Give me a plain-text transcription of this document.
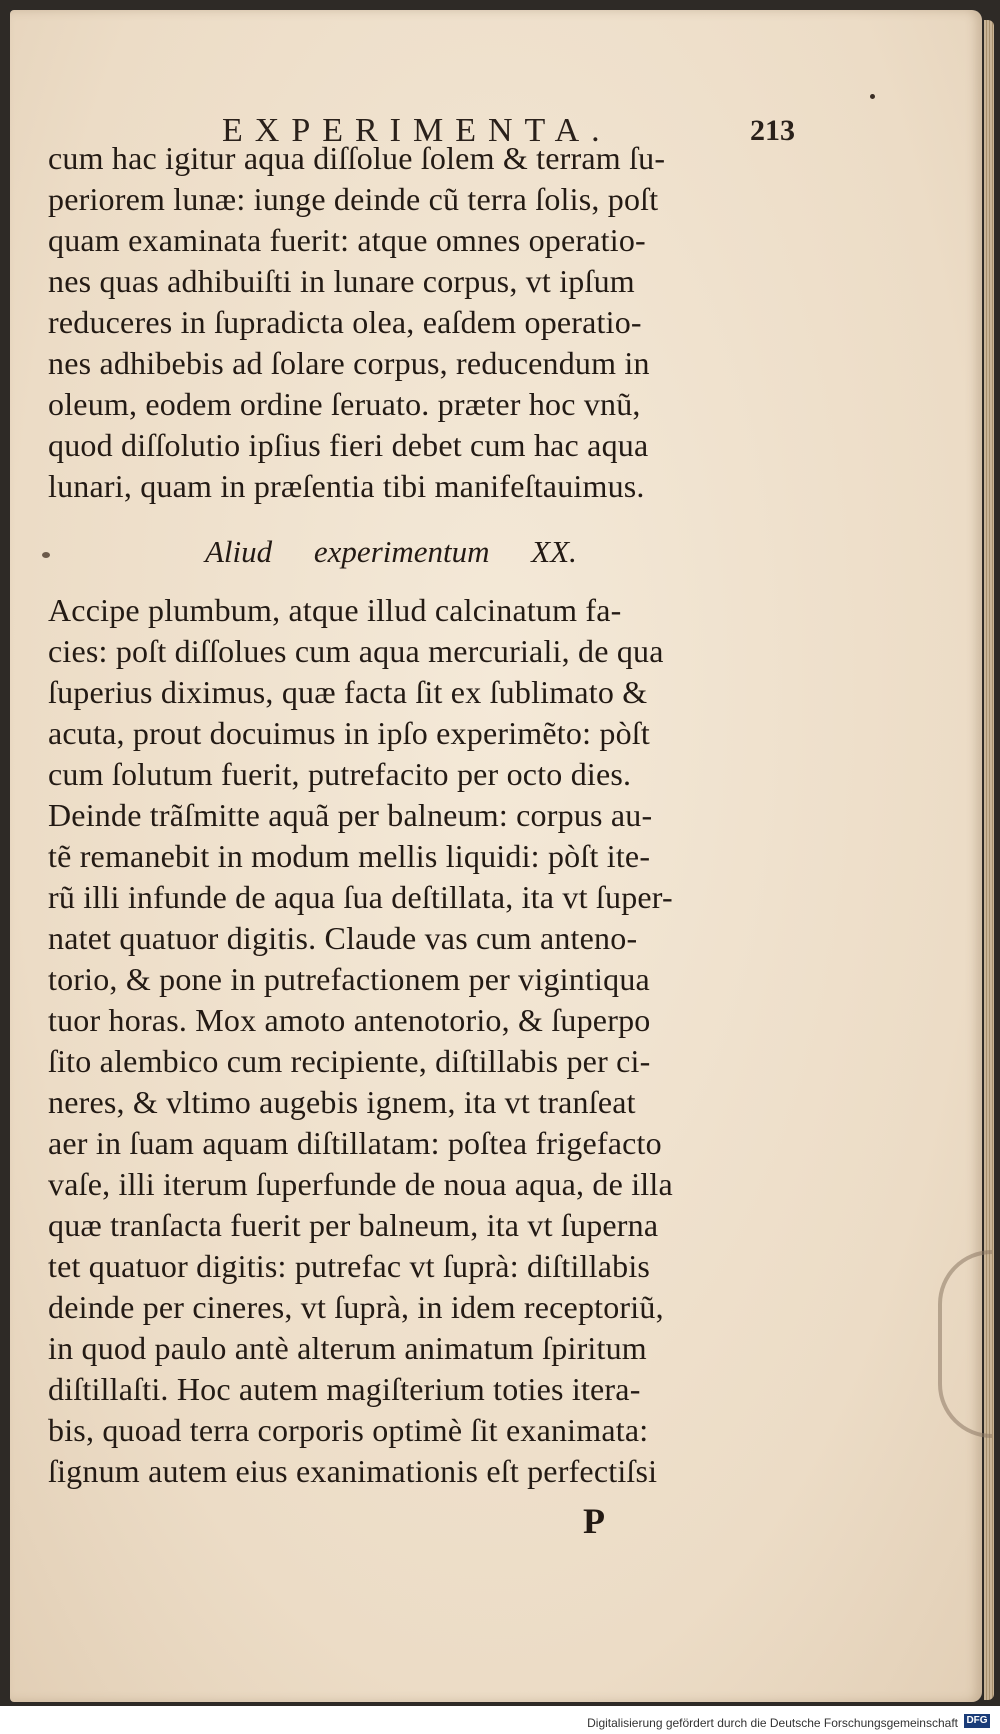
EXPERIMENTA.	213
cum hac igitur aqua diſſolue ſolem & terram ſu-
periorem lunæ: iunge deinde cũ terra ſolis, poſt
quam examinata fuerit: atque omnes operatio-
nes quas adhibuiſti in lunare corpus, vt ipſum
reduceres in ſupradicta olea, eaſdem operatio-
nes adhibebis ad ſolare corpus, reducendum in
oleum, eodem ordine ſeruato. præter hoc vnũ,
quod diſſolutio ipſius fieri debet cum hac aqua
lunari, quam in præſentia tibi manifeſtauimus.
Aliud experimentum XX.
Accipe plumbum, atque illud calcinatum fa-
cies: poſt diſſolues cum aqua mercuriali, de qua
ſuperius diximus, quæ facta ſit ex ſublimato &
acuta, prout docuimus in ipſo experimẽto: pòſt
cum ſolutum fuerit, putrefacito per octo dies.
Deinde trãſmitte aquã per balneum: corpus au-
tẽ remanebit in modum mellis liquidi: pòſt ite-
rũ illi infunde de aqua ſua deſtillata, ita vt ſuper-
natet quatuor digitis. Claude vas cum anteno-
torio, & pone in putrefactionem per vigintiqua
tuor horas. Mox amoto antenotorio, & ſuperpo
ſito alembico cum recipiente, diſtillabis per ci-
neres, & vltimo augebis ignem, ita vt tranſeat
aer in ſuam aquam diſtillatam: poſtea frigefacto
vaſe, illi iterum ſuperfunde de noua aqua, de illa
quæ tranſacta fuerit per balneum, ita vt ſuperna
tet quatuor digitis: putrefac vt ſuprà: diſtillabis
deinde per cineres, vt ſuprà, in idem receptoriũ,
in quod paulo antè alterum animatum ſpiritum
diſtillaſti. Hoc autem magiſterium toties itera-
bis, quoad terra corporis optimè ſit exanimata:
ſignum autem eius exanimationis eſt perfectiſsi
P
Digitalisierung gefördert durch die Deutsche Forschungsgemeinschaft DFG
